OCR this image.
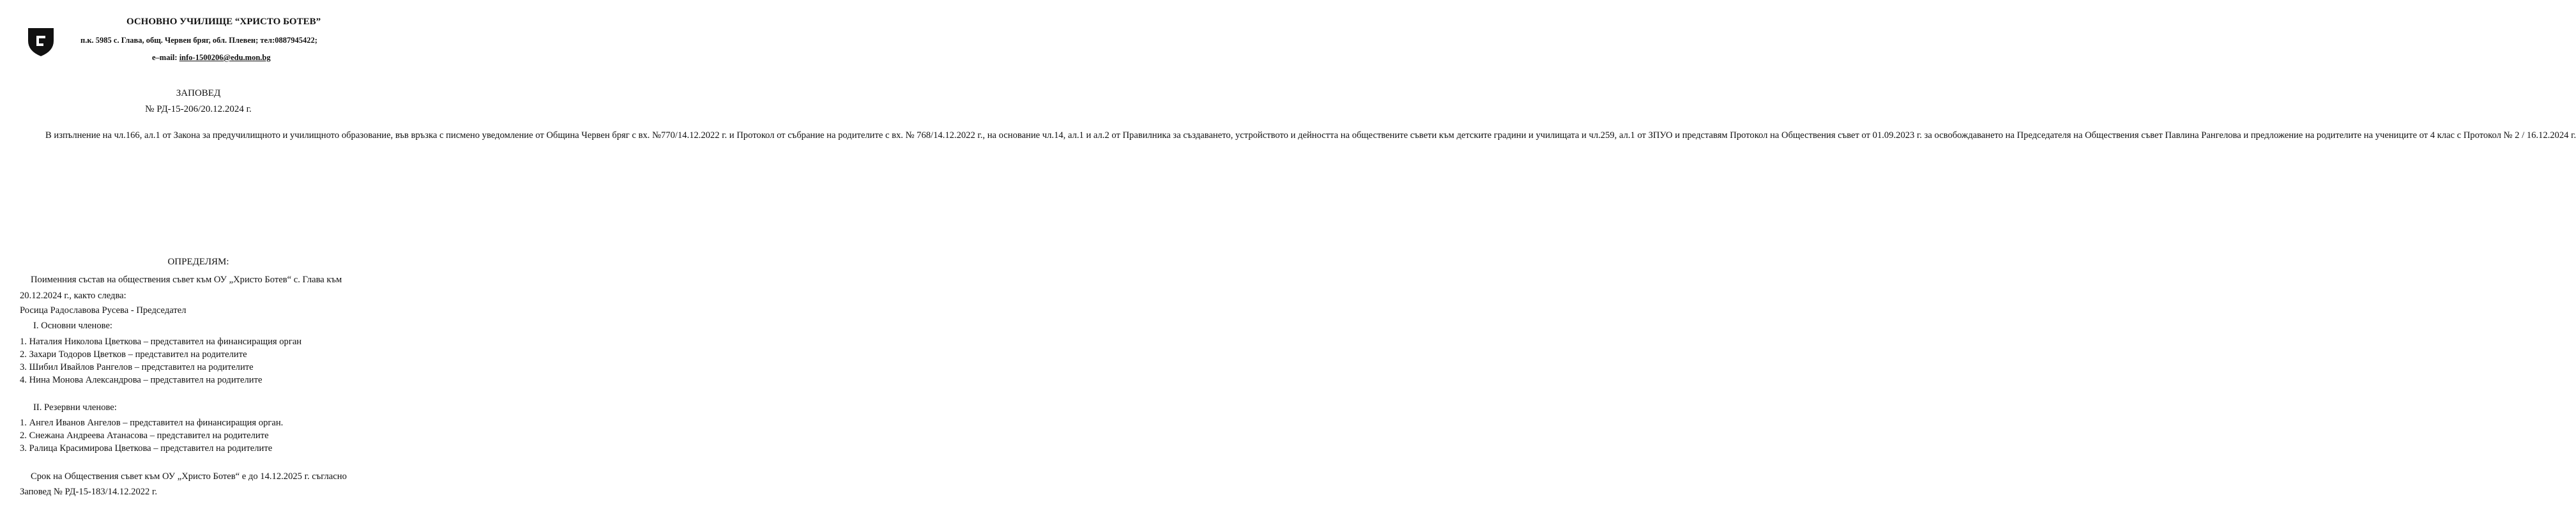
ОСНОВНО УЧИЛИЩЕ “ХРИСТО БОТЕВ”
п.к. 5985 с. Глава, общ. Червен бряг, обл. Плевен; тел:0887945422;
e–mail: info-1500206@edu.mon.bg
ЗАПОВЕД
№ РД-15-206/20.12.2024 г.
В изпълнение на чл.166, ал.1 от Закона за предучилищното и училищното образование, във връзка с писмено уведомление от Община Червен бряг с вх. №770/14.12.2022 г. и Протокол от събрание на родителите с вх. № 768/14.12.2022 г., на основание чл.14, ал.1 и ал.2 от Правилника за създаването, устройството и дейността на обществените съвети към детските градини и училищата и чл.259, ал.1 от ЗПУО и представям Протокол на Обществения съвет от 01.09.2023 г. за освобождаването на Председателя на Обществения съвет Павлина Рангелова и предложение на родителите на учениците от 4 клас с Протокол № 2 / 16.12.2024 г.
ОПРЕДЕЛЯМ:
Поименния състав на обществения съвет към ОУ „Христо Ботев“ с. Глава към
20.12.2024 г., както следва:
Росица Радославова Русева - Председател
I. Основни членове:
1. Наталия Николова Цветкова – представител на финансиращия орган
2. Захари Тодоров Цветков – представител на родителите
3. Шибил Ивайлов Рангелов – представител на родителите
4. Нина Монова Александрова – представител на родителите
II. Резервни членове:
1. Ангел Иванов Ангелов – представител на финансиращия орган.
2. Снежана Андреева Атанасова – представител на родителите
3. Ралица Красимирова Цветкова – представител на родителите
Срок на Обществения съвет към ОУ „Христо Ботев“ е до 14.12.2025 г. съгласно
Заповед № РД-15-183/14.12.2022 г.
